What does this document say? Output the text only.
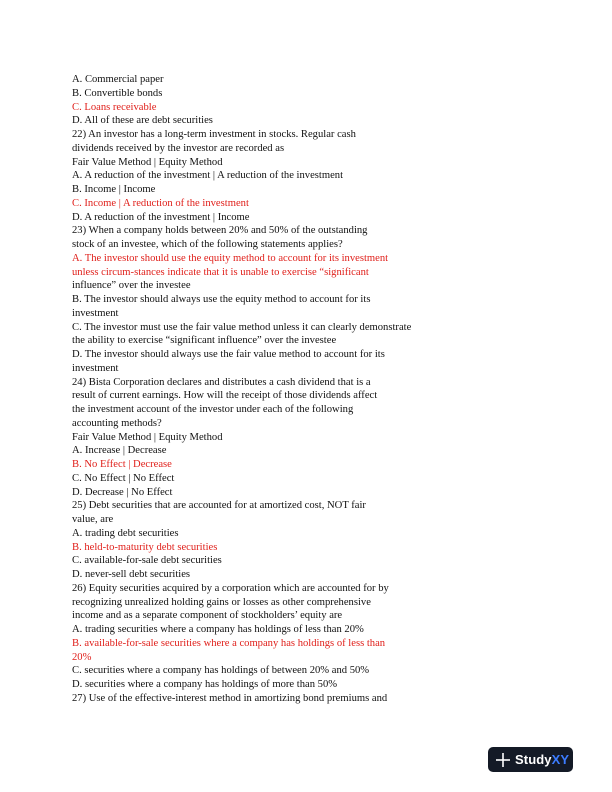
A. Commercial paper
B. Convertible bonds
C. Loans receivable
D. All of these are debt securities
22) An investor has a long-term investment in stocks. Regular cash
dividends received by the investor are recorded as
Fair Value Method | Equity Method
A. A reduction of the investment | A reduction of the investment
B. Income | Income
C. Income | A reduction of the investment
D. A reduction of the investment | Income
23) When a company holds between 20% and 50% of the outstanding
stock of an investee, which of the following statements applies?
A. The investor should use the equity method to account for its investment
unless circum-stances indicate that it is unable to exercise “significant
influence” over the investee
B. The investor should always use the equity method to account for its
investment
C. The investor must use the fair value method unless it can clearly demonstrate
the ability to exercise “significant influence” over the investee
D. The investor should always use the fair value method to account for its
investment
24) Bista Corporation declares and distributes a cash dividend that is a
result of current earnings. How will the receipt of those dividends affect
the investment account of the investor under each of the following
accounting methods?
Fair Value Method | Equity Method
A. Increase | Decrease
B. No Effect | Decrease
C. No Effect | No Effect
D. Decrease | No Effect
25) Debt securities that are accounted for at amortized cost, NOT fair
value, are
A. trading debt securities
B. held-to-maturity debt securities
C. available-for-sale debt securities
D. never-sell debt securities
26) Equity securities acquired by a corporation which are accounted for by
recognizing unrealized holding gains or losses as other comprehensive
income and as a separate component of stockholders’ equity are
A. trading securities where a company has holdings of less than 20%
B. available-for-sale securities where a company has holdings of less than
20%
C. securities where a company has holdings of between 20% and 50%
D. securities where a company has holdings of more than 50%
27) Use of the effective-interest method in amortizing bond premiums and
StudyXY
